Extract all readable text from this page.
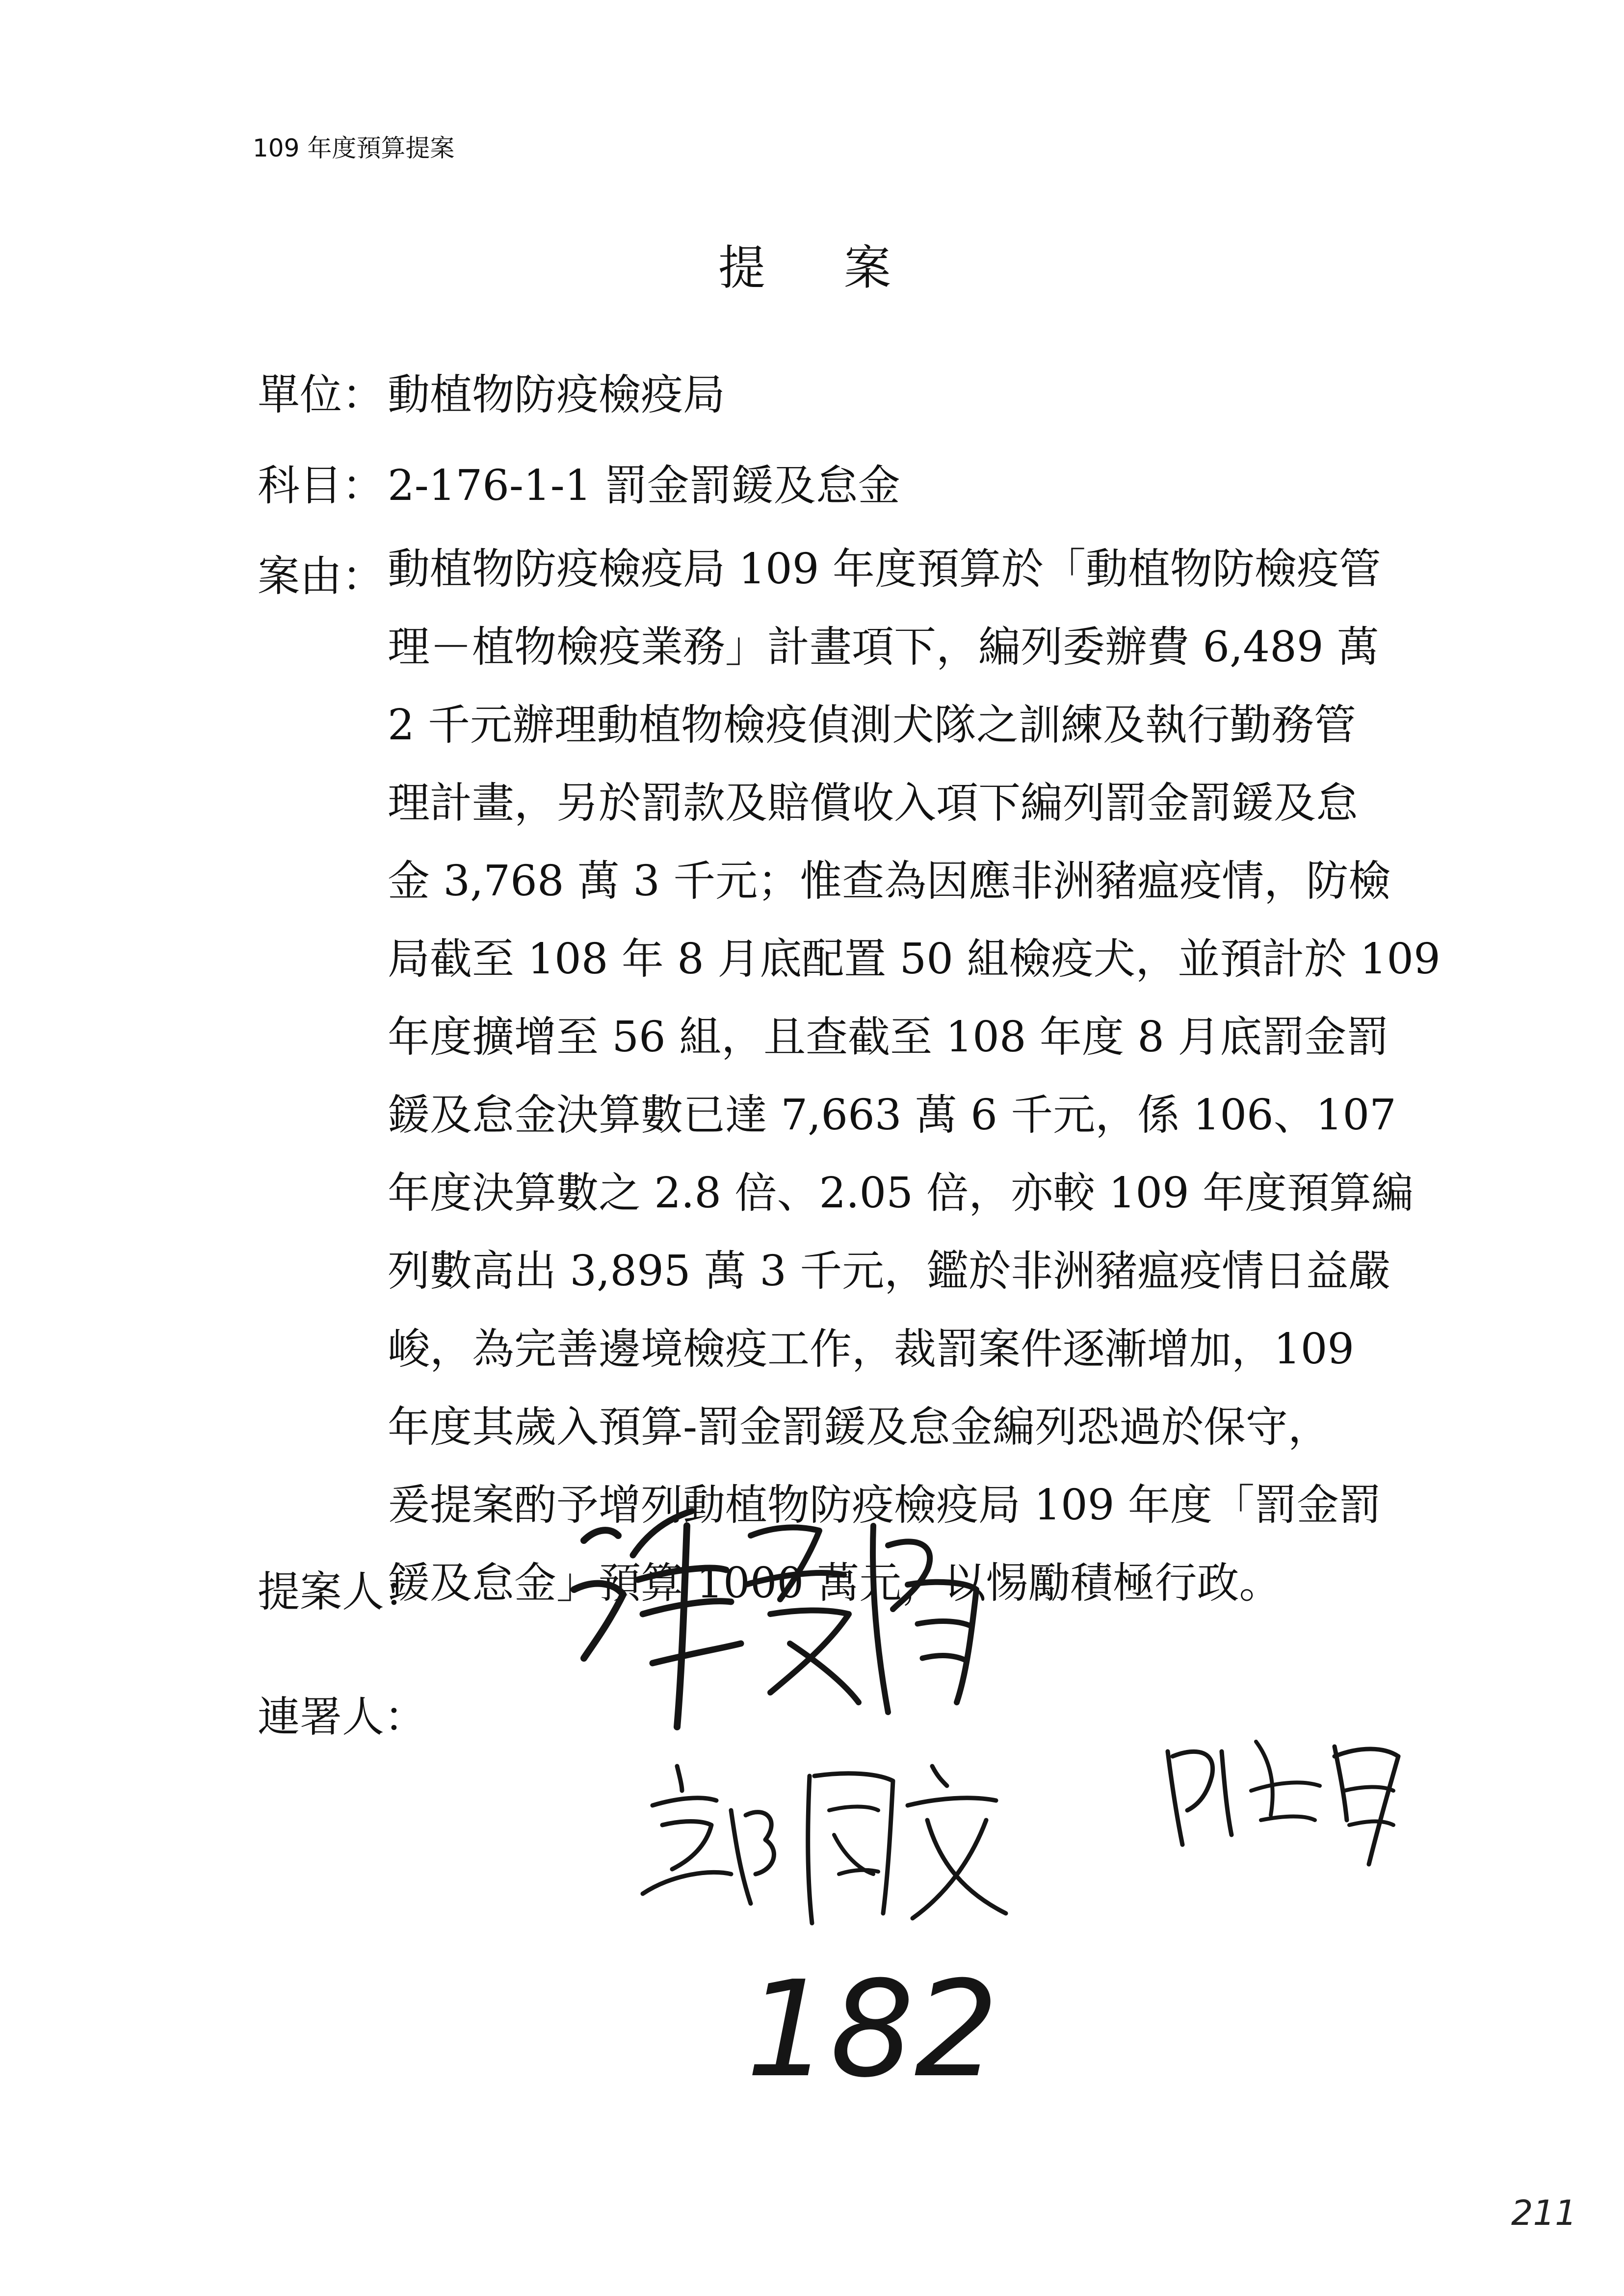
109 年度預算提案
提案
單位：動植物防疫檢疫局
科目：2-176-1-1 罰金罰鍰及怠金
案由： 動植物防疫檢疫局 109 年度預算於「動植物防檢疫管
理－植物檢疫業務」計畫項下，編列委辦費 6,489 萬
2 千元辦理動植物檢疫偵測犬隊之訓練及執行勤務管
理計畫，另於罰款及賠償收入項下編列罰金罰鍰及怠
金 3,768 萬 3 千元；惟查為因應非洲豬瘟疫情，防檢
局截至 108 年 8 月底配置 50 組檢疫犬，並預計於 109
年度擴增至 56 組，且查截至 108 年度 8 月底罰金罰
鍰及怠金決算數已達 7,663 萬 6 千元，係 106、107
年度決算數之 2.8 倍、2.05 倍，亦較 109 年度預算編
列數高出 3,895 萬 3 千元，鑑於非洲豬瘟疫情日益嚴
峻，為完善邊境檢疫工作，裁罰案件逐漸增加，109
年度其歲入預算-罰金罰鍰及怠金編列恐過於保守，
爰提案酌予增列動植物防疫檢疫局 109 年度「罰金罰
鍰及怠金」預算 1000 萬元，以惕勵積極行政。
提案人：
連署人：
182
211
